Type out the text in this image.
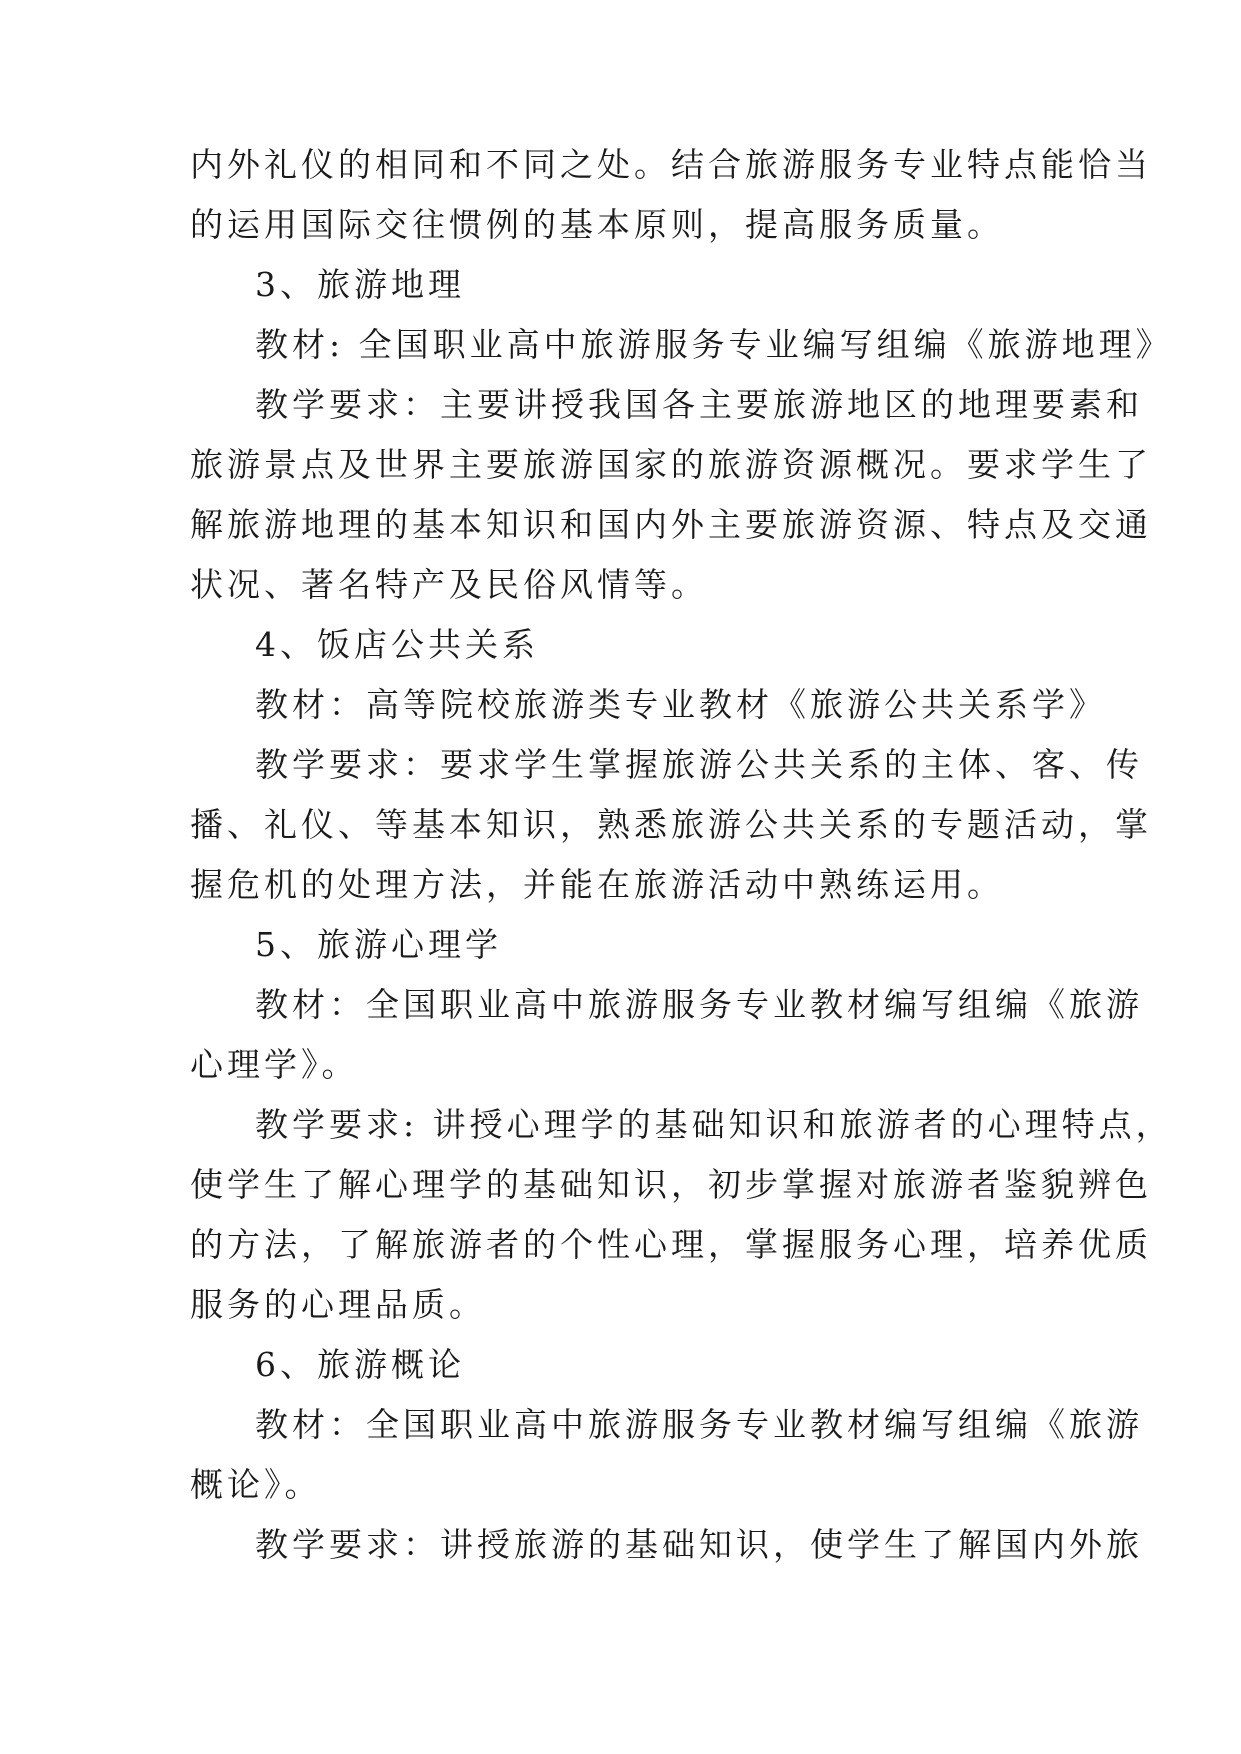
内外礼仪的相同和不同之处。结合旅游服务专业特点能恰当
的运用国际交往惯例的基本原则，提高服务质量。
3、旅游地理
教材: 全国职业高中旅游服务专业编写组编《旅游地理》
教学要求：主要讲授我国各主要旅游地区的地理要素和
旅游景点及世界主要旅游国家的旅游资源概况。要求学生了
解旅游地理的基本知识和国内外主要旅游资源、特点及交通
状况、著名特产及民俗风情等。
4、饭店公共关系
教材：高等院校旅游类专业教材《旅游公共关系学》
教学要求：要求学生掌握旅游公共关系的主体、客、传
播、礼仪、等基本知识，熟悉旅游公共关系的专题活动，掌
握危机的处理方法，并能在旅游活动中熟练运用。
5、旅游心理学
教材：全国职业高中旅游服务专业教材编写组编《旅游
心理学》。
教学要求: 讲授心理学的基础知识和旅游者的心理特点，
使学生了解心理学的基础知识，初步掌握对旅游者鉴貌辨色
的方法，了解旅游者的个性心理，掌握服务心理，培养优质
服务的心理品质。
6、旅游概论
教材：全国职业高中旅游服务专业教材编写组编《旅游
概论》。
教学要求：讲授旅游的基础知识，使学生了解国内外旅
